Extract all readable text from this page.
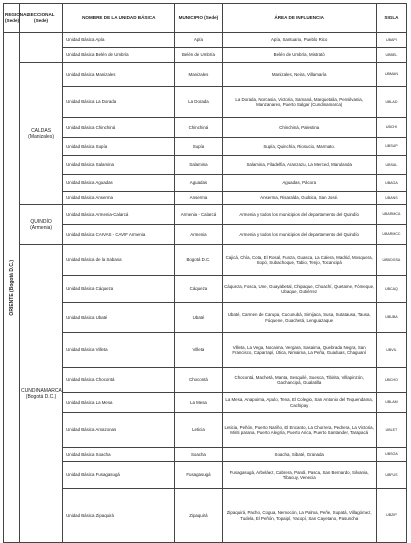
REGIONAL (Sede)	SECCIONAL (Sede)	NOMBRE DE LA UNIDAD BÁSICA	MUNICIPIO (Sede)	ÁREA DE INFLUENCIA	SIGLA

ORIENTE (Bogotá D.C.)		Unidad Básica Apía	Apía	Apía, Santuario, Pueblo Rico	UBAPI
		Unidad Básica Belén de Umbría	Belén de Umbría	Belén de Umbría, Mistrató	UBBEL
	CALDAS (Manizales)	Unidad Básica Manizales	Manizales	Manizales, Neira, Villamaría	UBMAN
		Unidad Básica La Dorada	La Dorada	La Dorada, Norcasia, Victoria, Samaná, Marquetalia, Pensilvania, Manzanares, Puerto Salgar (Cundinamarca)	UBLAD
		Unidad Básica Chinchiná	Chinchiná	Chinchiná, Palestina	UBCHI
		Unidad Básica Supía	Supía	Supía, Quinchía, Riosucio, Marmato.	UBSUP
		Unidad Básica Salamina	Salamina	Salamina, Filadelfia, Aranzazu, La Merced, Marulanda	UBSAL
		Unidad Básica Aguadas	Aguadas	Aguadas, Pácora	UBAGA
		Unidad Básica Anserma	Anserma	Anserma, Risaralda, Guática, San José.	UBANS
	QUINDÍO (Armenia)	Unidad Básica Armenia-Calarcá	Armenia - Calarcá	Armenia y todos los municipios del departamento del Quindío	UBARMCA
		Unidad Básica CAIVAS - CAVIF Armenia	Armenia	Armenia y todos los municipios del departamento del Quindío	UBARMCC
	CUNDINAMARCA (Bogotá D.C.)	Unidad Básica de la Sabana	Bogotá D.C.	Cajicá, Chía, Cota, El Rosal, Funza, Guasca, La Calera, Madrid, Mosquera, Sopó, Subachoque, Tabio, Tenjo, Tocancipá	UBBOGSA
		Unidad Básica Cáqueza	Cáqueza	Cáqueza, Fosca, Une, Guayabetal, Chipaque, Choachí, Quetame, Fómeque, Ubaque, Gutiérrez	UBCAQ
		Unidad Básica Ubaté	Ubaté	Ubaté, Carmen de Carupa, Cucunubá, Simijaca, Susa, Sutatausa, Tausa, Fúquene, Guachetá, Lenguazaque	UBUBA
		Unidad Básica Villeta	Villeta	Villeta, La Vega, Nocaima, Vergara, Sasaima, Quebrada Negra, San Francisco, Caparrapí, Útica, Nimaima, La Peña, Guaduas, Chaguaní	UBVIL
		Unidad Básica Chocontá	Chocontá	Chocontá, Machetá, Manta, Sesquilé, Suesca, Tibirita, Villapinzón, Gachancipá, Gualatilla	UBCHO
		Unidad Básica La Mesa	La Mesa	La Mesa, Anapoima, Apulo, Tena, El Colegio, San Antonio del Tequendama, Cachipay	UBLAM
		Unidad Básica Amazonas	Leticia	Leticia, Peñón, Puerto Nariño, El Encanto, La Chorrera, Pedrera, La Victoria, Miriti parana, Puerto Alegría, Puerto Arica, Puerto Santander, Tarapacá	UBLET
		Unidad Básica Soacha	Soacha	Soacha, Sibaté, Granada	UBSOA
		Unidad Básica Fusagasugá	Fusagasugá	Fusagasugá, Arbeláez, Cabrera, Pandi, Pasca, San Bernardo, Silvania, Tibacuy, Venecia	UBFUS
		Unidad Básica Zipaquirá	Zipaquirá	Zipaquirá, Pacho, Cogua, Nemocón, La Palma, Peñe, Supatá, Villagómez, Tudela, El Peñón, Topaipí, Yacopí, San Cayetano, Pasuncha	UBZIP
